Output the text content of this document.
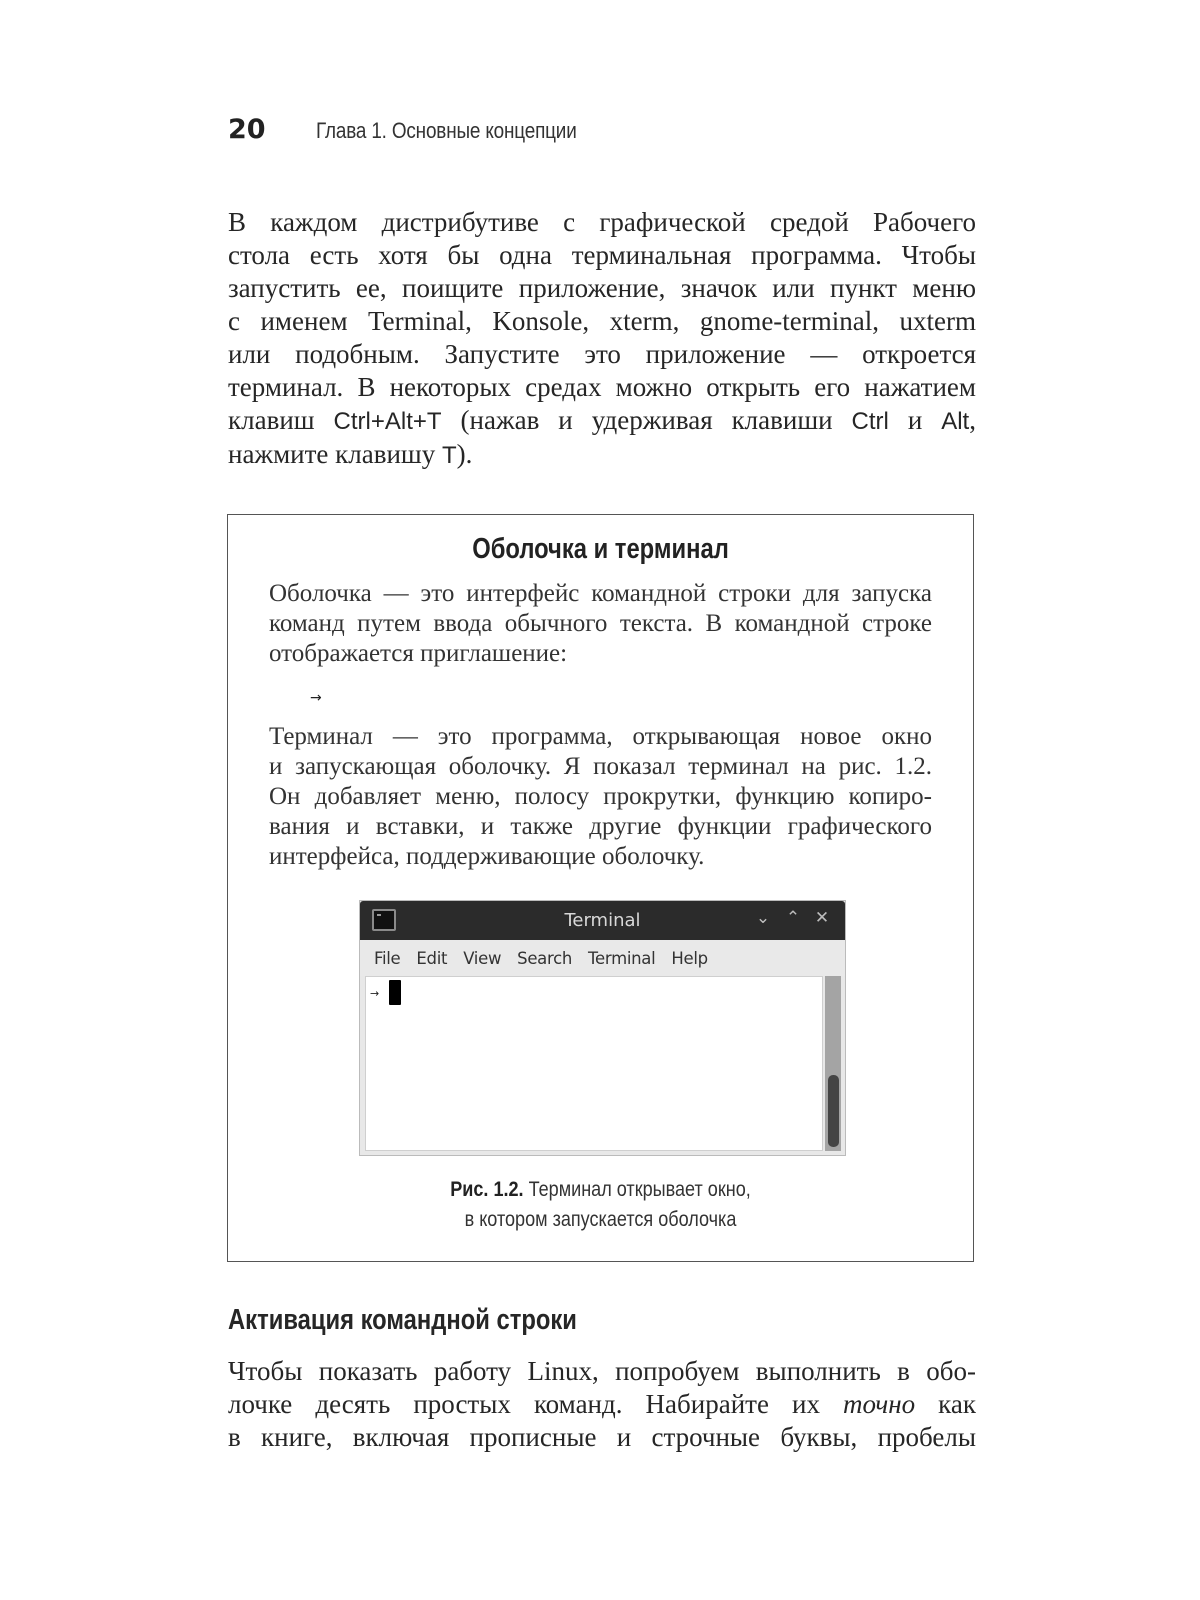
20	Глава 1. Основные концепции
В каждом дистрибутиве с графической средой Рабочего
стола есть хотя бы одна терминальная программа. Чтобы
запустить ее, поищите приложение, значок или пункт меню
с именем Terminal, Konsole, xterm, gnome-terminal, uxterm
или подобным. Запустите это приложение — откроется
терминал. В некоторых средах можно открыть его нажатием
клавиш Ctrl+Alt+T (нажав и удерживая клавиши Ctrl и Alt,
нажмите клавишу T).
Оболочка и терминал
Оболочка — это интерфейс командной строки для запуска
команд путем ввода обычного текста. В командной строке
отображается приглашение:
→
Терминал — это программа, открывающая новое окно
и запускающая оболочку. Я показал терминал на рис. 1.2.
Он добавляет меню, полосу прокрутки, функцию копиро-
вания и вставки, и также другие функции графического
интерфейса, поддерживающие оболочку.
Terminal	⌄ ⌃ ✕
File Edit View Search Terminal Help
→
Рис. 1.2. Терминал открывает окно,
в котором запускается оболочка
Активация командной строки
Чтобы показать работу Linux, попробуем выполнить в обо-
лочке десять простых команд. Набирайте их точно как
в книге, включая прописные и строчные буквы, пробелы
